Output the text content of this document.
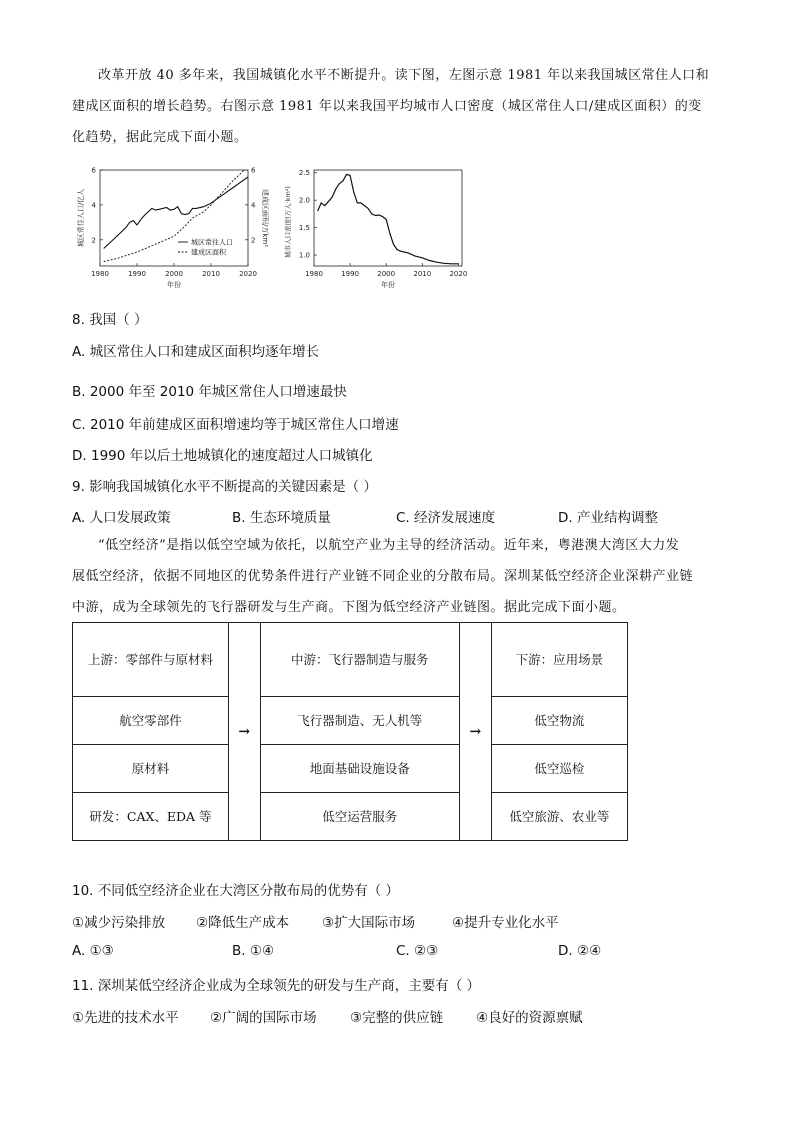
改革开放 40 多年来，我国城镇化水平不断提升。读下图，左图示意 1981 年以来我国城区常住人口和
建成区面积的增长趋势。右图示意 1981 年以来我国平均城市人口密度（城区常住人口/建成区面积）的变
化趋势，据此完成下面小题。
1980	1990	2000	2010	2020
2
4
6
2
4
6
年份
城区常住人口/亿人	建成区面积/万km²
城区常住人口
建成区面积
1980	1990	2000	2010	2020
1.0
1.5
2.0
2.5
年份
城市人口密度(万人·km²)
8. 我国（ ）
A. 城区常住人口和建成区面积均逐年增长
B. 2000 年至 2010 年城区常住人口增速最快
C. 2010 年前建成区面积增速均等于城区常住人口增速
D. 1990 年以后土地城镇化的速度超过人口城镇化
9. 影响我国城镇化水平不断提高的关键因素是（ ）
A. 人口发展政策	B. 生态环境质量	C. 经济发展速度	D. 产业结构调整
“低空经济”是指以低空空域为依托，以航空产业为主导的经济活动。近年来，粤港澳大湾区大力发
展低空经济，依据不同地区的优势条件进行产业链不同企业的分散布局。深圳某低空经济企业深耕产业链
中游，成为全球领先的飞行器研发与生产商。下图为低空经济产业链图。据此完成下面小题。
上游：零部件与原材料	→	中游：飞行器制造与服务	→	下游：应用场景
航空零部件		飞行器制造、无人机等		低空物流
原材料		地面基础设施设备		低空巡检
研发：CAX、EDA 等		低空运营服务		低空旅游、农业等
10. 不同低空经济企业在大湾区分散布局的优势有（ ）
①减少污染排放	②降低生产成本	③扩大国际市场	④提升专业化水平
A. ①③	B. ①④	C. ②③	D. ②④
11. 深圳某低空经济企业成为全球领先的研发与生产商，主要有（ ）
①先进的技术水平	②广阔的国际市场	③完整的供应链	④良好的资源禀赋
